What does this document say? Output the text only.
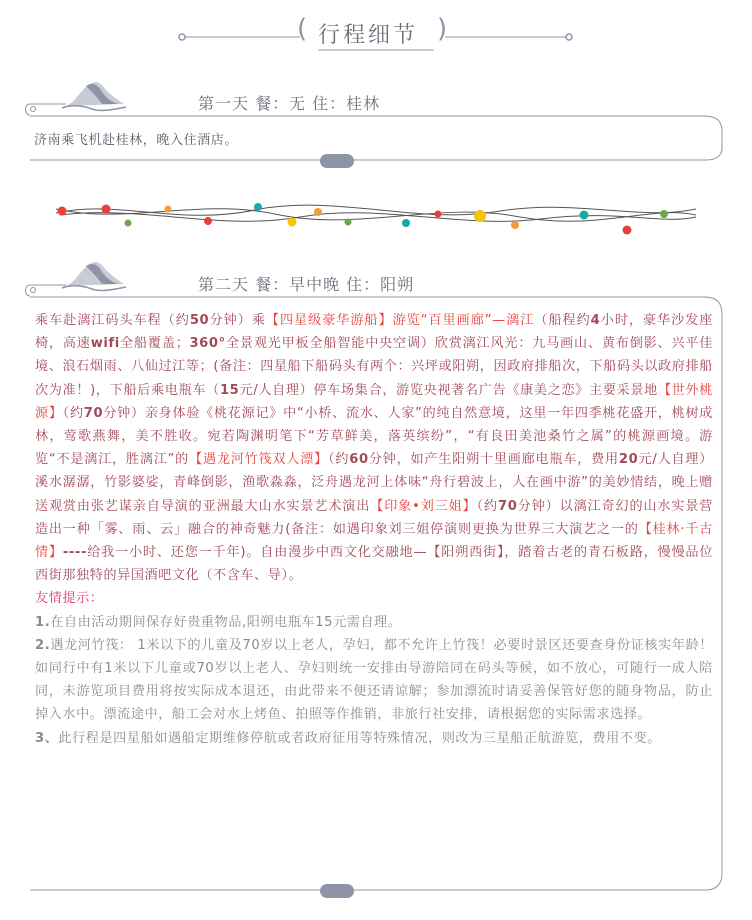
( 行程细节 )
第一天 餐：无 住：桂林
济南乘飞机赴桂林，晚入住酒店。
第二天 餐：早中晚 住：阳朔
乘车赴漓江码头车程（约50分钟）乘【四星级豪华游船】游览“百里画廊”—漓江（船程约4小时，豪华沙发座椅，高速wifi全船覆盖；360°全景观光甲板全船智能中央空调）欣赏漓江风光：九马画山、黄布倒影、兴平佳境、浪石烟雨、八仙过江等；(备注：四星船下船码头有两个：兴坪或阳朔，因政府排船次，下船码头以政府排船次为准！)，下船后乘电瓶车（15元/人自理）停车场集合，游览央视著名广告《康美之恋》主要采景地【世外桃源】（约70分钟）亲身体验《桃花源记》中“小桥、流水、人家”的纯自然意境，这里一年四季桃花盛开，桃树成林，莺歌燕舞，美不胜收。宛若陶渊明笔下“芳草鲜美，落英缤纷”，“有良田美池桑竹之属”的桃源画境。游览“不是漓江，胜漓江”的【遇龙河竹筏双人漂】（约60分钟，如产生阳朔十里画廊电瓶车，费用20元/人自理）溪水潺潺，竹影婆娑，青峰倒影，渔歌淼淼，泛舟遇龙河上体味“舟行碧波上，人在画中游”的美妙情结，晚上赠送观赏由张艺谋亲自导演的亚洲最大山水实景艺术演出【印象•刘三姐】（约70分钟）以漓江奇幻的山水实景营造出一种「雾、雨、云」融合的神奇魅力(备注：如遇印象刘三姐停演则更换为世界三大演艺之一的【桂林·千古情】----给我一小时、还您一千年)。自由漫步中西文化交融地—【阳朔西街】，踏着古老的青石板路，慢慢品位西街那独特的异国酒吧文化（不含车、导）。
友情提示：
1.在自由活动期间保存好贵重物品,阳朔电瓶车15元需自理。
2.遇龙河竹筏： 1米以下的儿童及70岁以上老人，孕妇，都不允许上竹筏！必要时景区还要查身份证核实年龄！如同行中有1米以下儿童或70岁以上老人、孕妇则统一安排由导游陪同在码头等候，如不放心，可随行一成人陪同，未游览项目费用将按实际成本退还，由此带来不便还请谅解；参加漂流时请妥善保管好您的随身物品，防止掉入水中。漂流途中，船工会对水上烤鱼、拍照等作推销，非旅行社安排，请根据您的实际需求选择。
3、此行程是四星船如遇船定期维修停航或者政府征用等特殊情况，则改为三星船正航游览，费用不变。
